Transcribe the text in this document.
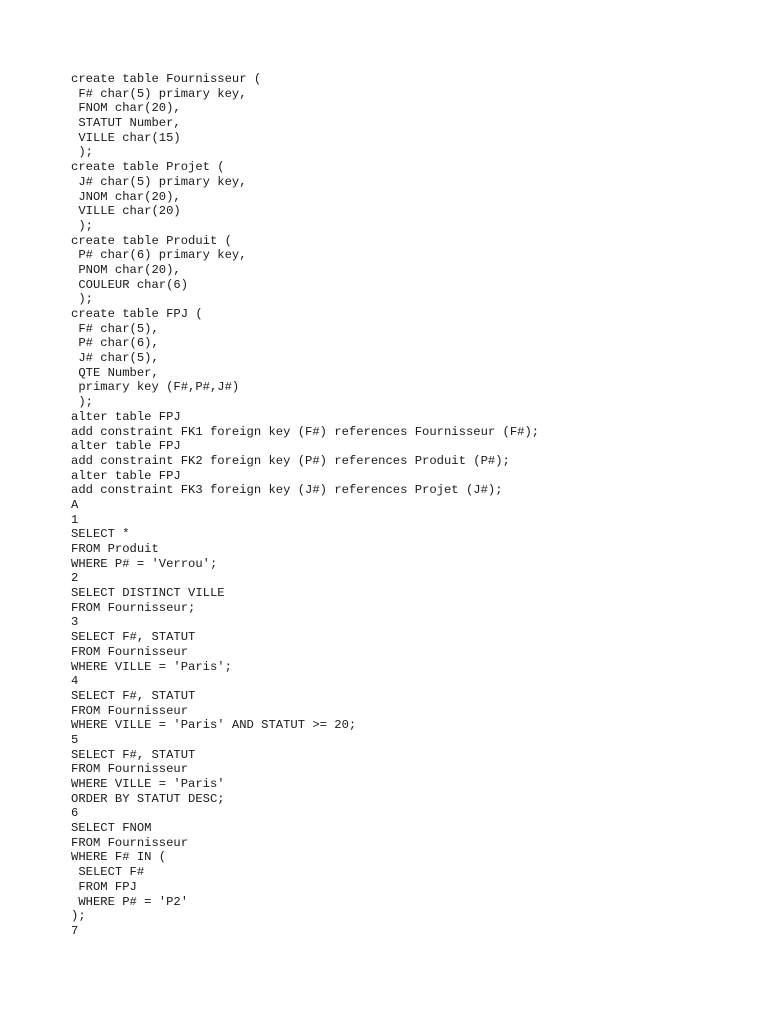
create table Fournisseur (
F# char(5) primary key,
FNOM char(20),
STATUT Number,
VILLE char(15)
);
create table Projet (
J# char(5) primary key,
JNOM char(20),
VILLE char(20)
);
create table Produit (
P# char(6) primary key,
PNOM char(20),
COULEUR char(6)
);
create table FPJ (
F# char(5),
P# char(6),
J# char(5),
QTE Number,
primary key (F#,P#,J#)
);
alter table FPJ
add constraint FK1 foreign key (F#) references Fournisseur (F#);
alter table FPJ
add constraint FK2 foreign key (P#) references Produit (P#);
alter table FPJ
add constraint FK3 foreign key (J#) references Projet (J#);
A
1
SELECT *
FROM Produit
WHERE P# = 'Verrou';
2
SELECT DISTINCT VILLE
FROM Fournisseur;
3
SELECT F#, STATUT
FROM Fournisseur
WHERE VILLE = 'Paris';
4
SELECT F#, STATUT
FROM Fournisseur
WHERE VILLE = 'Paris' AND STATUT >= 20;
5
SELECT F#, STATUT
FROM Fournisseur
WHERE VILLE = 'Paris'
ORDER BY STATUT DESC;
6
SELECT FNOM
FROM Fournisseur
WHERE F# IN (
SELECT F#
FROM FPJ
WHERE P# = 'P2'
);
7
